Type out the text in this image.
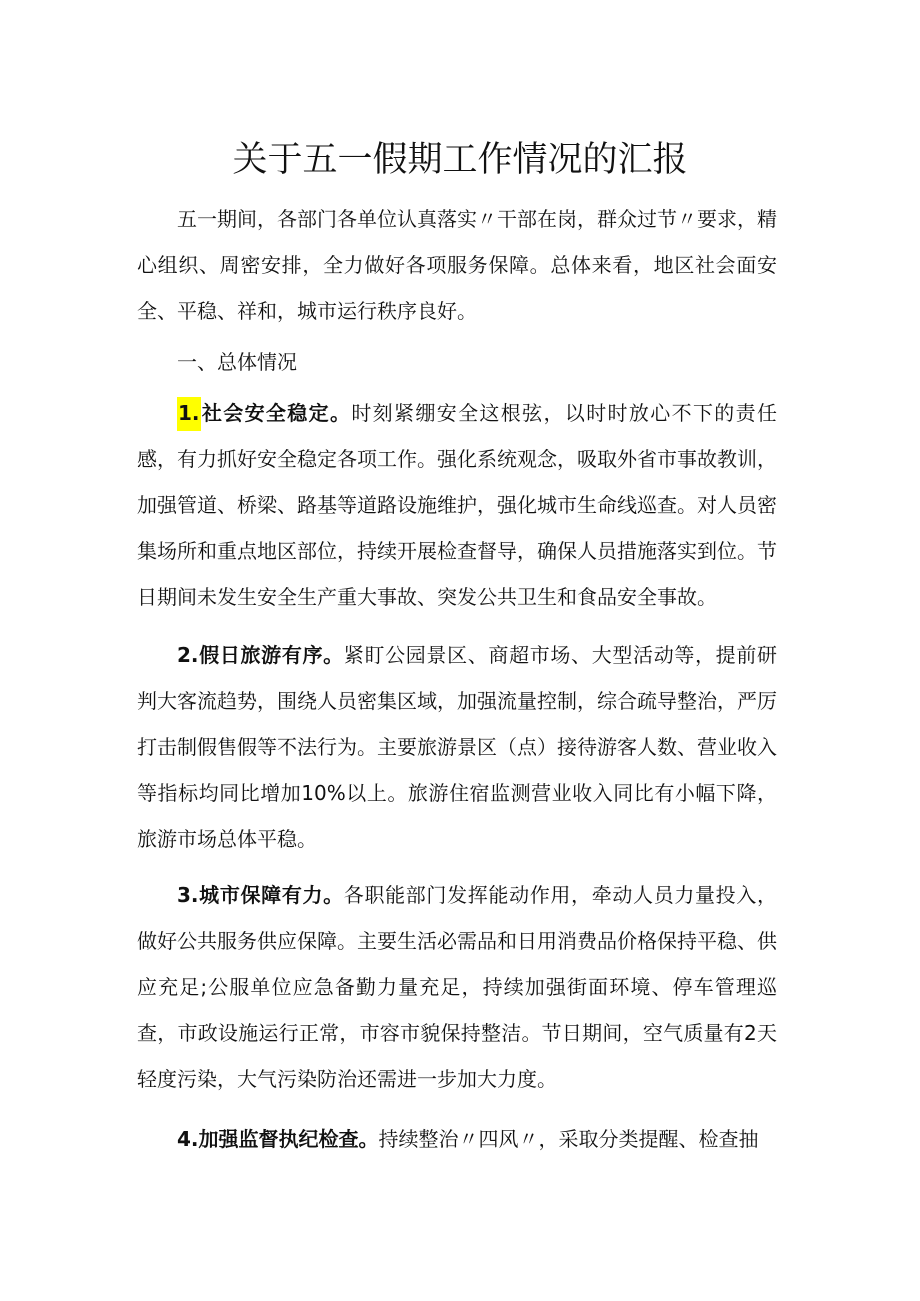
关于五一假期工作情况的汇报

五一期间，各部门各单位认真落实〃干部在岗，群众过节〃要求，精心组织、周密安排，全力做好各项服务保障。总体来看，地区社会面安全、平稳、祥和，城市运行秩序良好。

一、总体情况

1.社会安全稳定。时刻紧绷安全这根弦，以时时放心不下的责任感，有力抓好安全稳定各项工作。强化系统观念，吸取外省市事故教训，加强管道、桥梁、路基等道路设施维护，强化城市生命线巡查。对人员密集场所和重点地区部位，持续开展检查督导，确保人员措施落实到位。节日期间未发生安全生产重大事故、突发公共卫生和食品安全事故。

2.假日旅游有序。紧盯公园景区、商超市场、大型活动等，提前研判大客流趋势，围绕人员密集区域，加强流量控制，综合疏导整治，严厉打击制假售假等不法行为。主要旅游景区（点）接待游客人数、营业收入等指标均同比增加10%以上。旅游住宿监测营业收入同比有小幅下降，旅游市场总体平稳。

3.城市保障有力。各职能部门发挥能动作用，牵动人员力量投入，做好公共服务供应保障。主要生活必需品和日用消费品价格保持平稳、供应充足;公服单位应急备勤力量充足，持续加强街面环境、停车管理巡查，市政设施运行正常，市容市貌保持整洁。节日期间，空气质量有2天轻度污染，大气污染防治还需进一步加大力度。

4.加强监督执纪检查。持续整治〃四风〃，采取分类提醒、检查抽
